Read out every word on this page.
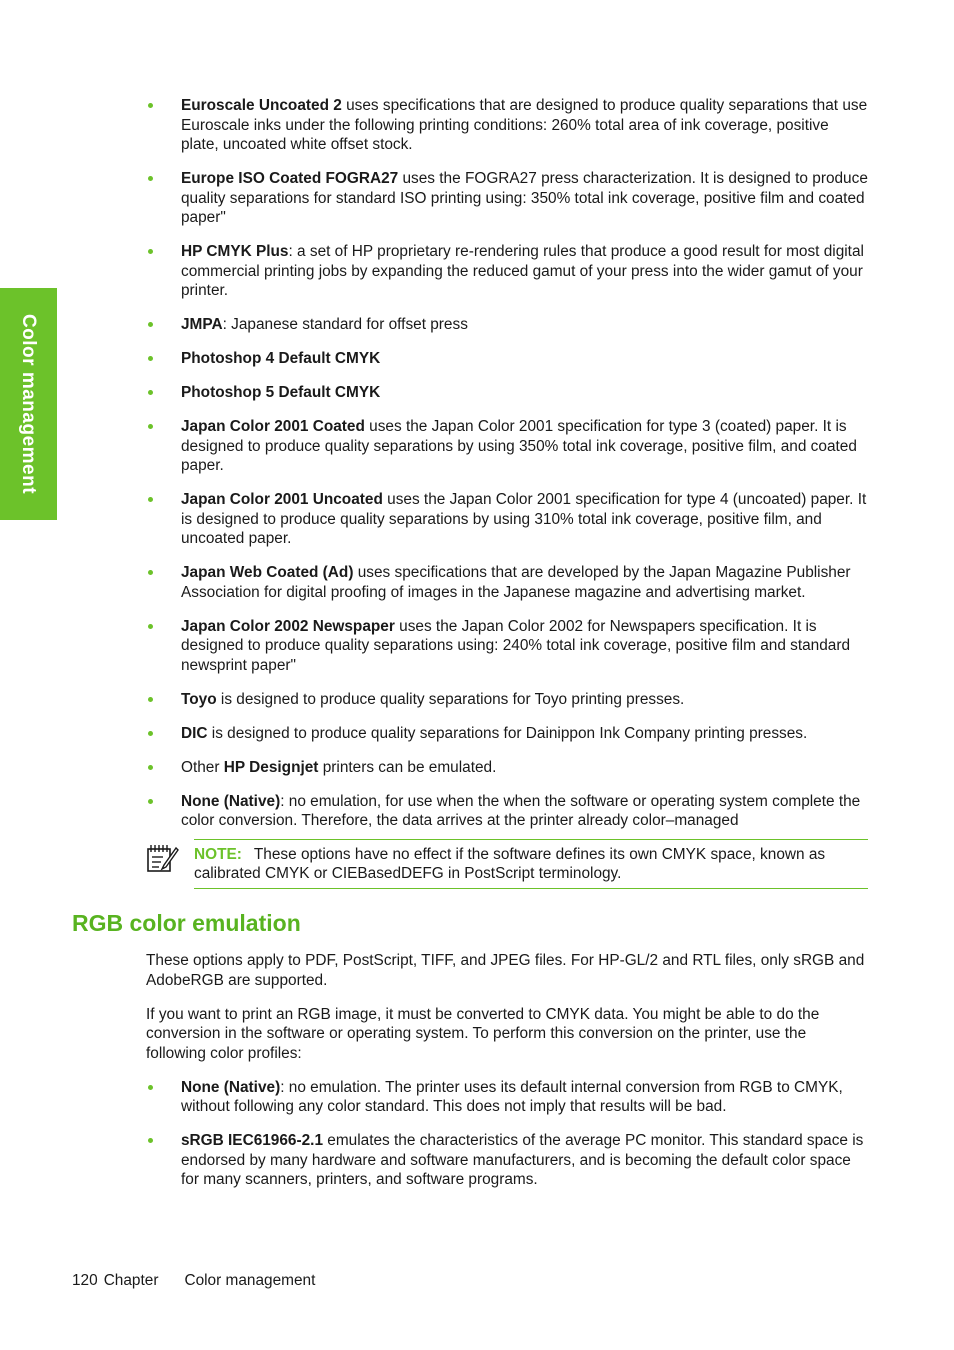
Color management
Euroscale Uncoated 2 uses specifications that are designed to produce quality separations that use Euroscale inks under the following printing conditions: 260% total area of ink coverage, positive plate, uncoated white offset stock.
Europe ISO Coated FOGRA27 uses the FOGRA27 press characterization. It is designed to produce quality separations for standard ISO printing using: 350% total ink coverage, positive film and coated paper"
HP CMYK Plus: a set of HP proprietary re-rendering rules that produce a good result for most digital commercial printing jobs by expanding the reduced gamut of your press into the wider gamut of your printer.
JMPA: Japanese standard for offset press
Photoshop 4 Default CMYK
Photoshop 5 Default CMYK
Japan Color 2001 Coated uses the Japan Color 2001 specification for type 3 (coated) paper. It is designed to produce quality separations by using 350% total ink coverage, positive film, and coated paper.
Japan Color 2001 Uncoated uses the Japan Color 2001 specification for type 4 (uncoated) paper. It is designed to produce quality separations by using 310% total ink coverage, positive film, and uncoated paper.
Japan Web Coated (Ad) uses specifications that are developed by the Japan Magazine Publisher Association for digital proofing of images in the Japanese magazine and advertising market.
Japan Color 2002 Newspaper uses the Japan Color 2002 for Newspapers specification. It is designed to produce quality separations using: 240% total ink coverage, positive film and standard newsprint paper"
Toyo is designed to produce quality separations for Toyo printing presses.
DIC is designed to produce quality separations for Dainippon Ink Company printing presses.
Other HP Designjet printers can be emulated.
None (Native): no emulation, for use when the when the software or operating system complete the color conversion. Therefore, the data arrives at the printer already color–managed
NOTE: These options have no effect if the software defines its own CMYK space, known as calibrated CMYK or CIEBasedDEFG in PostScript terminology.
RGB color emulation

These options apply to PDF, PostScript, TIFF, and JPEG files. For HP-GL/2 and RTL files, only sRGB and AdobeRGB are supported.

If you want to print an RGB image, it must be converted to CMYK data. You might be able to do the conversion in the software or operating system. To perform this conversion on the printer, use the following color profiles:

None (Native): no emulation. The printer uses its default internal conversion from RGB to CMYK, without following any color standard. This does not imply that results will be bad.
sRGB IEC61966-2.1 emulates the characteristics of the average PC monitor. This standard space is endorsed by many hardware and software manufacturers, and is becoming the default color space for many scanners, printers, and software programs.
120 Chapter Color management
